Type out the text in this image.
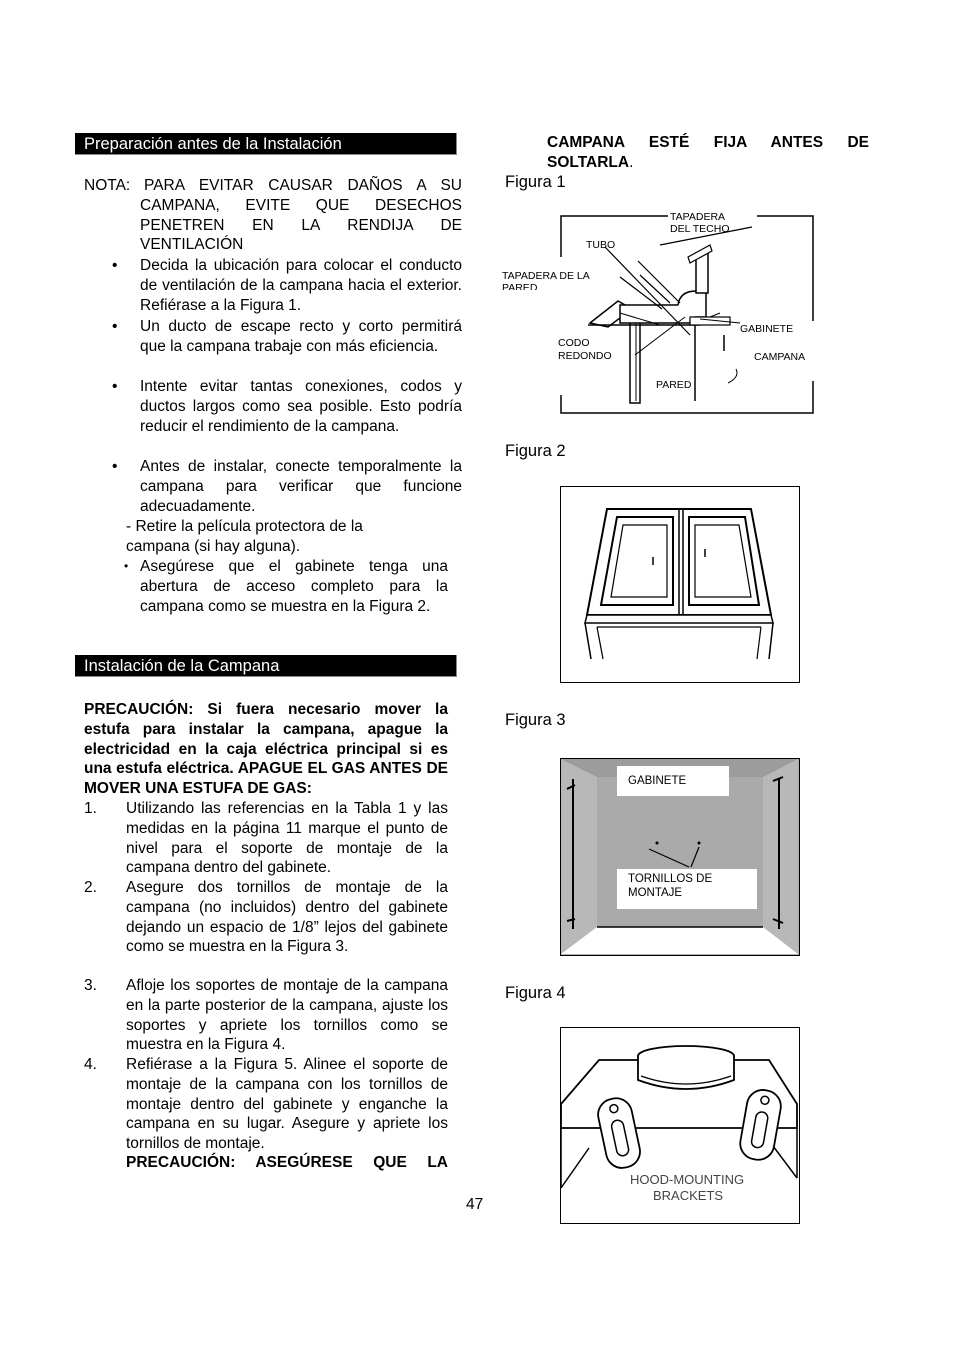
Preparación antes de la Instalación
NOTA: PARA EVITAR CAUSAR DAÑOS A SU
CAMPANA, EVITE QUE DESECHOS
PENETREN EN LA RENDIJA DE
VENTILACIÓN
• Decida la ubicación para colocar el conducto de ventilación de la campana hacia el exterior. Refiérase a la Figura 1.
• Un ducto de escape recto y corto permitirá que la campana trabaje con más eficiencia.
• Intente evitar tantas conexiones, codos y ductos largos como sea posible. Esto podría reducir el rendimiento de la campana.
• Antes de instalar, conecte temporalmente la campana para verificar que funcione adecuadamente.
- Retire la película protectora de la
campana (si hay alguna).
• Asegúrese que el gabinete tenga una abertura de acceso completo para la campana como se muestra en la Figura 2.
Instalación de la Campana
PRECAUCIÓN: Si fuera necesario mover la estufa para instalar la campana, apague la electricidad en la caja eléctrica principal si es una estufa eléctrica. APAGUE EL GAS ANTES DE MOVER UNA ESTUFA DE GAS:
1. Utilizando las referencias en la Tabla 1 y las medidas en la página 11 marque el punto de nivel para el soporte de montaje de la campana dentro del gabinete.
2. Asegure dos tornillos de montaje de la campana (no incluidos) dentro del gabinete dejando un espacio de 1/8” lejos del gabinete como se muestra en la Figura 3.
3. Afloje los soportes de montaje de la campana en la parte posterior de la campana, ajuste los soportes y apriete los tornillos como se muestra en la Figura 4.
4. Refiérase a la Figura 5. Alinee el soporte de montaje de la campana con los tornillos de montaje dentro del gabinete y enganche la campana en su lugar. Asegure y apriete los tornillos de montaje.
PRECAUCIÓN: ASEGÚRESE QUE LA
47
CAMPANA ESTÉ FIJA ANTES DE
SOLTARLA.
Figura 1
TAPADERA
DEL TECHO
TUBO
TAPADERA DE LA
PARED
GABINETE
CODO
REDONDO	CAMPANA
PARED
Figura 2
Figura 3
GABINETE
TORNILLOS DE
MONTAJE
Figura 4
HOOD-MOUNTING
BRACKETS
